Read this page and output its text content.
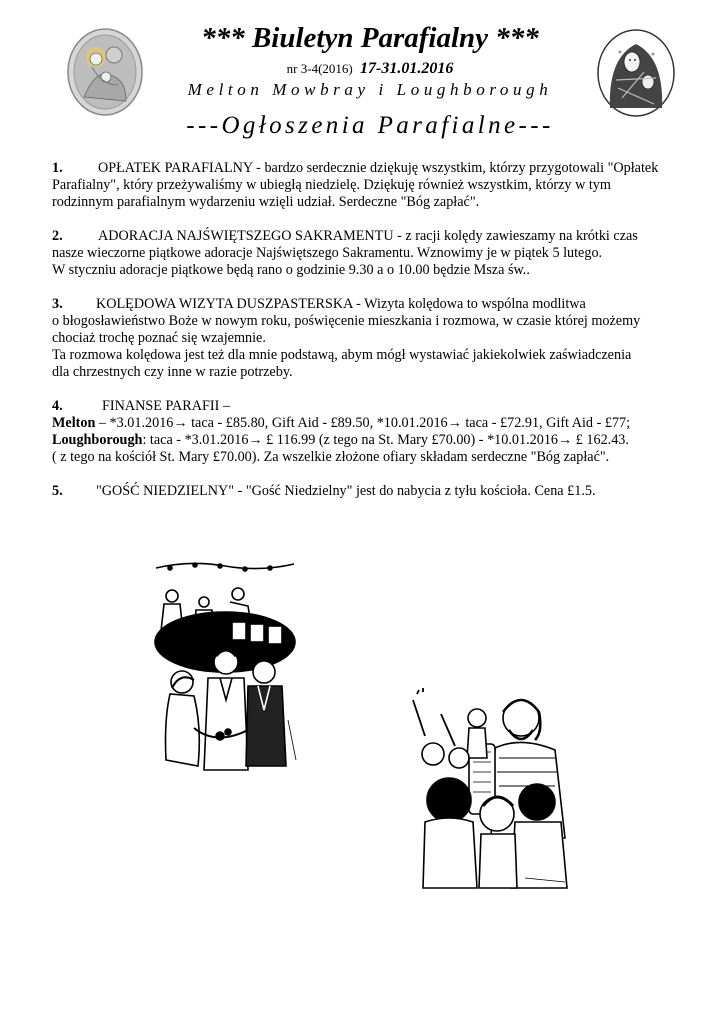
*** Biuletyn Parafialny ***
nr 3-4(2016) 17-31.01.2016
Melton Mowbray i Loughborough
---Ogłoszenia Parafialne---

1. OPŁATEK PARAFIALNY - bardzo serdecznie dziękuję wszystkim, którzy przygotowali "Opłatek

Parafialny", który przeżywaliśmy w ubiegłą niedzielę. Dziękuję również wszystkim, którzy w tym

rodzinnym parafialnym wydarzeniu wzięli udział. Serdeczne "Bóg zapłać".

2. ADORACJA NAJŚWIĘTSZEGO SAKRAMENTU - z racji kolędy zawieszamy na krótki czas

nasze wieczorne piątkowe adoracje Najświętszego Sakramentu. Wznowimy je w piątek 5 lutego.

W styczniu adoracje piątkowe będą rano o godzinie 9.30 a o 10.00 będzie Msza św..

3. KOLĘDOWA WIZYTA DUSZPASTERSKA - Wizyta kolędowa to wspólna modlitwa

o błogosławieństwo Boże w nowym roku, poświęcenie mieszkania i rozmowa, w czasie której możemy

chociaż trochę poznać się wzajemnie.

Ta rozmowa kolędowa jest też dla mnie podstawą, abym mógł wystawiać jakiekolwiek zaświadczenia

dla chrzestnych czy inne w razie potrzeby.

4.	FINANSE PARAFII –

Melton – *3.01.2016→ taca - £85.80, Gift Aid - £89.50, *10.01.2016→ taca - £72.91, Gift Aid - £77;

Loughborough: taca - *3.01.2016→ £ 116.99 (z tego na St. Mary £70.00) - *10.01.2016→ £ 162.43.

( z tego na kościół St. Mary £70.00). Za wszelkie złożone ofiary składam serdeczne "Bóg zapłać".

5. "GOŚĆ NIEDZIELNY" - "Gość Niedzielny" jest do nabycia z tyłu kościoła. Cena £1.5.
